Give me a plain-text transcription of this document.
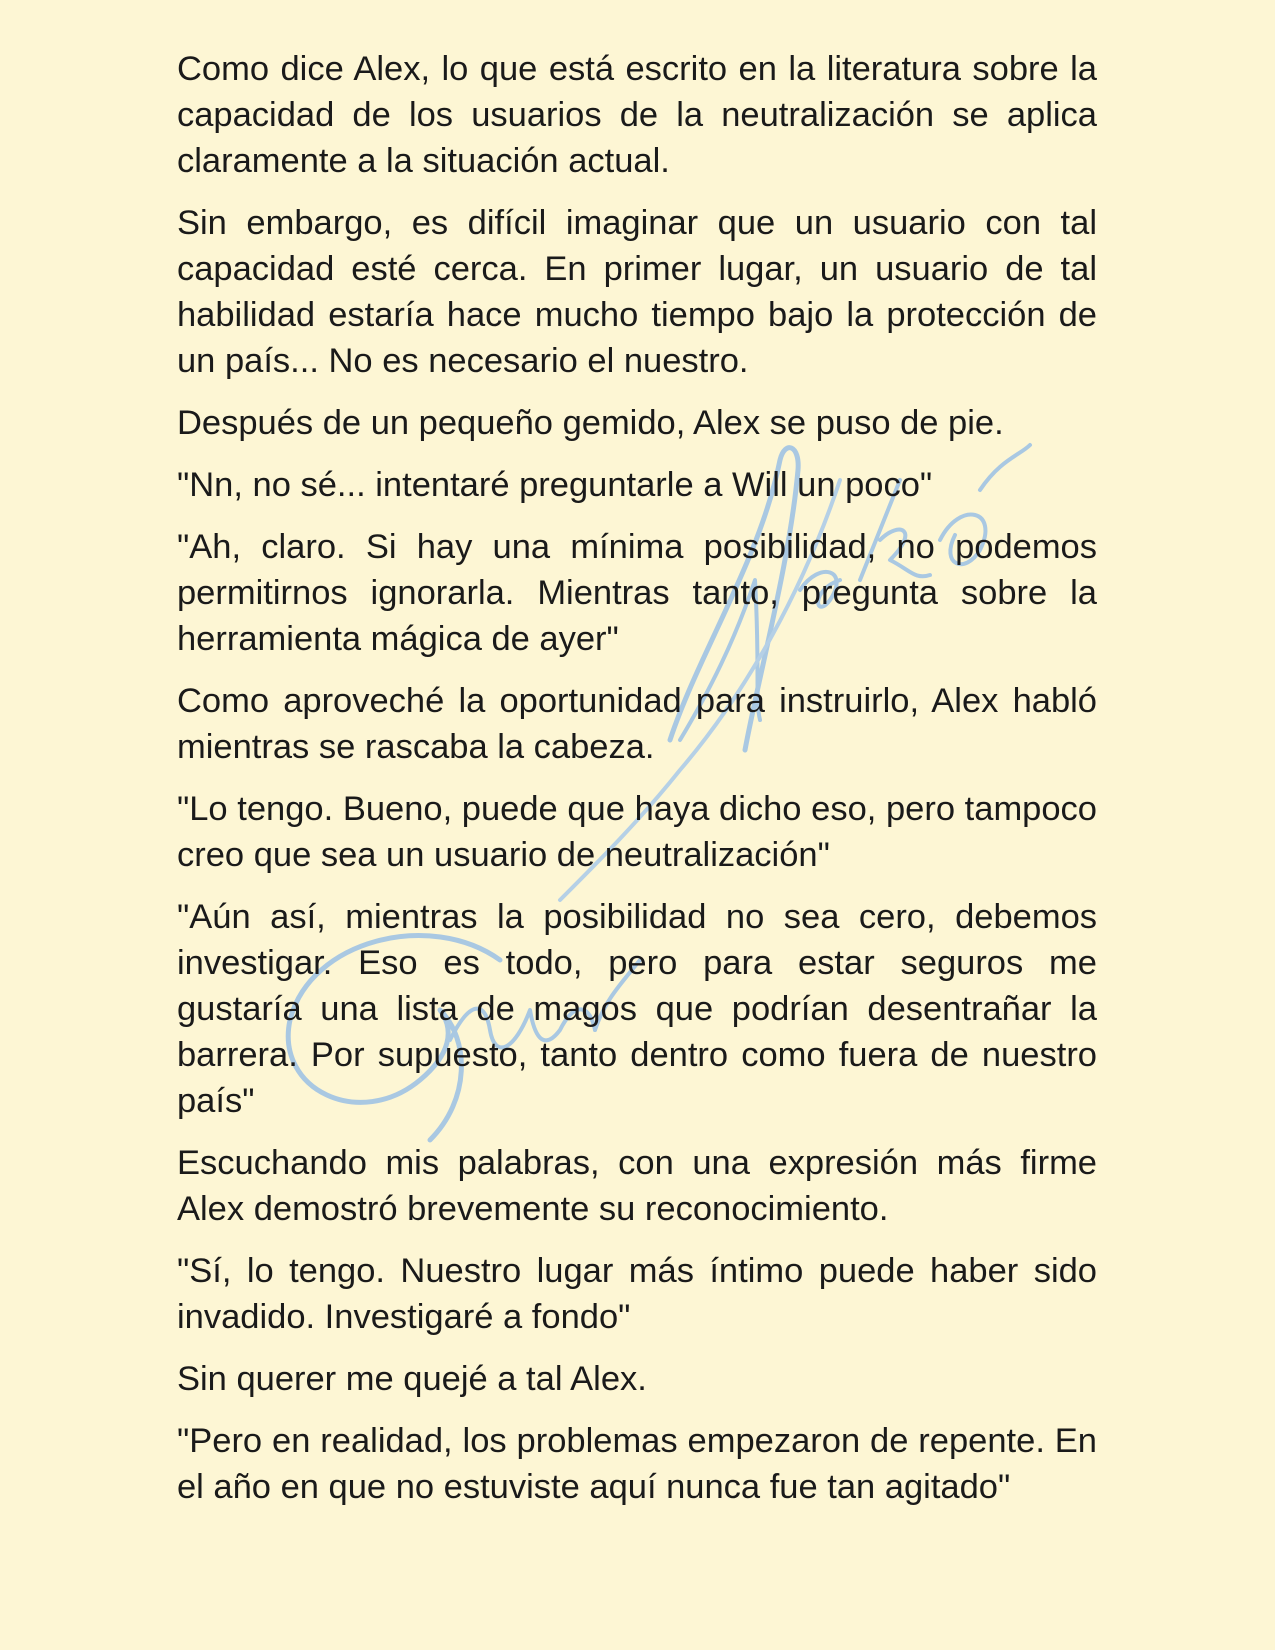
Como dice Alex, lo que está escrito en la literatura sobre la capacidad de los usuarios de la neutralización se aplica claramente a la situación actual.

Sin embargo, es difícil imaginar que un usuario con tal capacidad esté cerca. En primer lugar, un usuario de tal habilidad estaría hace mucho tiempo bajo la protección de un país... No es necesario el nuestro.

Después de un pequeño gemido, Alex se puso de pie.

"Nn, no sé... intentaré preguntarle a Will un poco"

"Ah, claro. Si hay una mínima posibilidad, no podemos permitirnos ignorarla. Mientras tanto, pregunta sobre la herramienta mágica de ayer"

Como aproveché la oportunidad para instruirlo, Alex habló mientras se rascaba la cabeza.

"Lo tengo. Bueno, puede que haya dicho eso, pero tampoco creo que sea un usuario de neutralización"

"Aún así, mientras la posibilidad no sea cero, debemos investigar. Eso es todo, pero para estar seguros me gustaría una lista de magos que podrían desentrañar la barrera. Por supuesto, tanto dentro como fuera de nuestro país"

Escuchando mis palabras, con una expresión más firme Alex demostró brevemente su reconocimiento.

"Sí, lo tengo. Nuestro lugar más íntimo puede haber sido invadido. Investigaré a fondo"

Sin querer me quejé a tal Alex.

"Pero en realidad, los problemas empezaron de repente. En el año en que no estuviste aquí nunca fue tan agitado"
